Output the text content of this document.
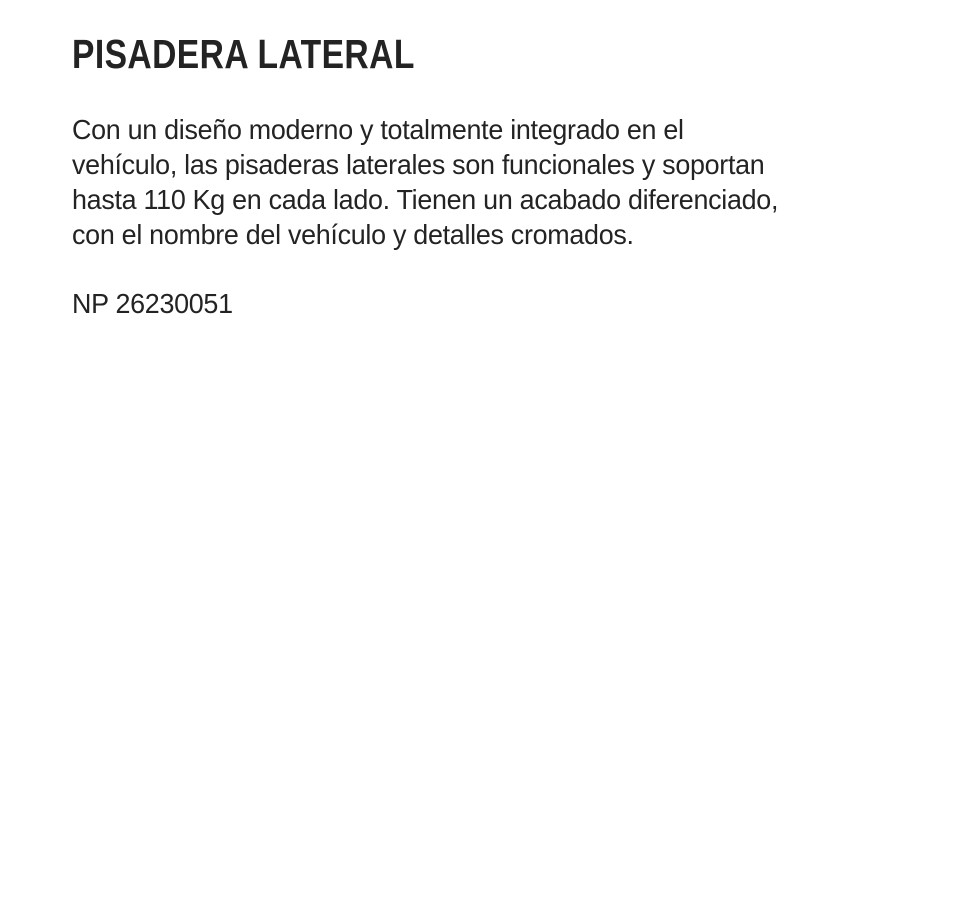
PISADERA LATERAL
Con un diseño moderno y totalmente integrado en el
vehículo, las pisaderas laterales son funcionales y soportan
hasta 110 Kg en cada lado. Tienen un acabado diferenciado,
con el nombre del vehículo y detalles cromados.
NP 26230051
